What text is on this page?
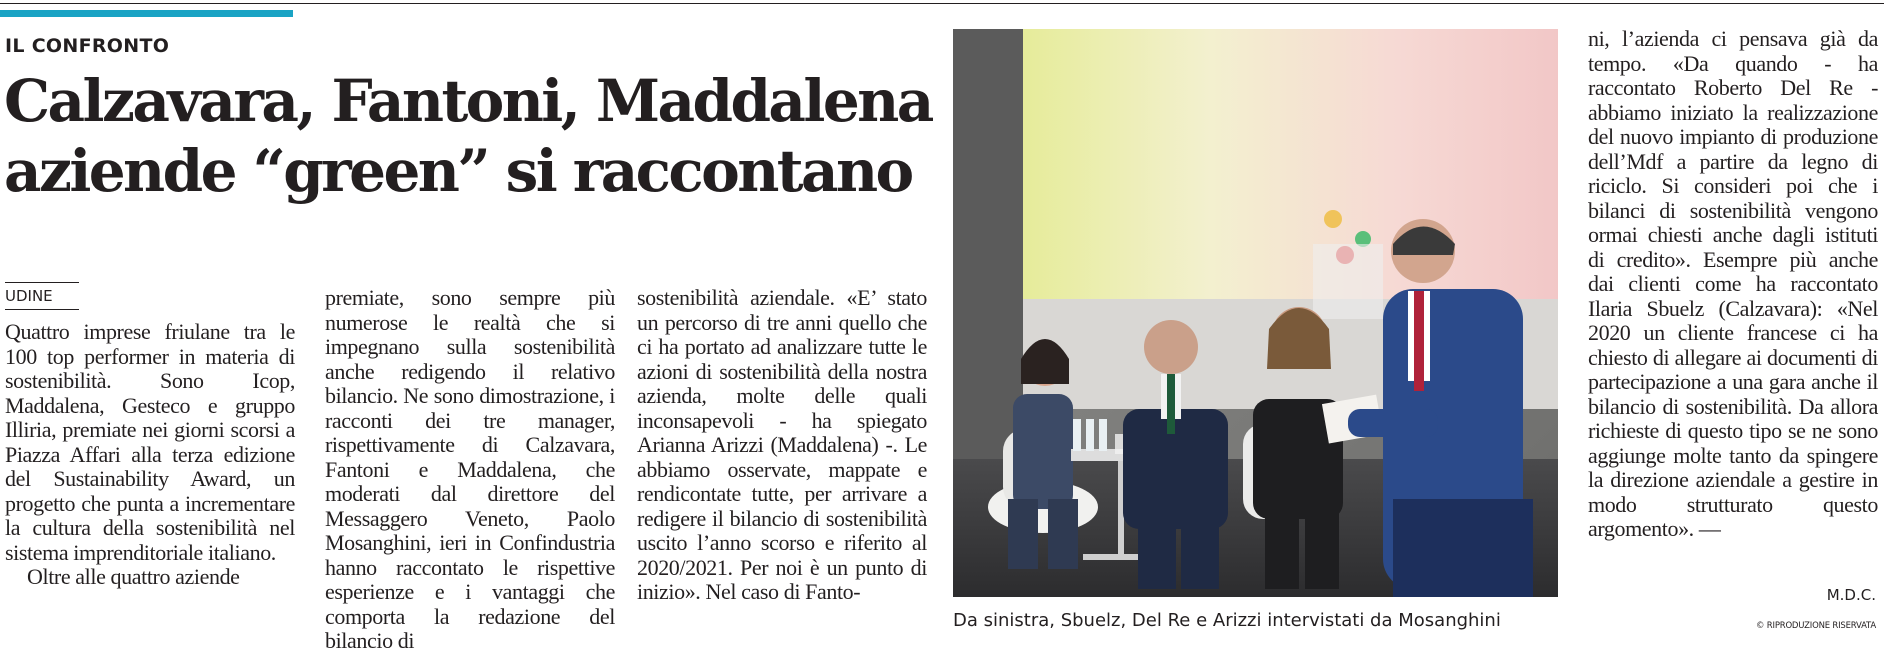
IL CONFRONTO
Calzavara, Fantoni, Maddalena
aziende “green” si raccontano
UDINE

Quattro imprese friulane tra le 100 top performer in materia di sostenibilità. Sono Icop, Maddalena, Gesteco e gruppo Illiria, premiate nei giorni scorsi a Piazza Affari alla terza edizione del Sustainability Award, un progetto che punta a incrementare la cultura della sostenibilità nel sistema imprenditoriale italiano.

Oltre alle quattro aziende

premiate, sono sempre più numerose le realtà che si impegnano sulla sostenibilità anche redigendo il relativo bilancio. Ne sono dimostrazione, i racconti dei tre manager, rispettivamente di Calzavara, Fantoni e Maddalena, che moderati dal direttore del Messaggero Veneto, Paolo Mosanghini, ieri in Confindustria hanno raccontato le rispettive esperienze e i vantaggi che comporta la redazione del bilancio di

sostenibilità aziendale. «E’ stato un percorso di tre anni quello che ci ha portato ad analizzare tutte le azioni di sostenibilità della nostra azienda, molte delle quali inconsapevoli - ha spiegato Arianna Arizzi (Maddalena) -. Le abbiamo osservate, mappate e rendicontate tutte, per arrivare a redigere il bilancio di sostenibilità uscito l’anno scorso e riferito al 2020/2021. Per noi è un punto di inizio». Nel caso di Fanto-

Da sinistra, Sbuelz, Del Re e Arizzi intervistati da Mosanghini

ni, l’azienda ci pensava già da tempo. «Da quando - ha raccontato Roberto Del Re - abbiamo iniziato la realizzazione del nuovo impianto di produzione dell’Mdf a partire da legno di riciclo. Si consideri poi che i bilanci di sostenibilità vengono ormai chiesti anche dagli istituti di credito». Esempre più anche dai clienti come ha raccontato Ilaria Sbuelz (Calzavara): «Nel 2020 un cliente francese ci ha chiesto di allegare ai documenti di partecipazione a una gara anche il bilancio di sostenibilità. Da allora richieste di questo tipo se ne sono aggiunge molte tanto da spingere la direzione aziendale a gestire in modo strutturato questo argomento». —

M.D.C.
© RIPRODUZIONE RISERVATA
